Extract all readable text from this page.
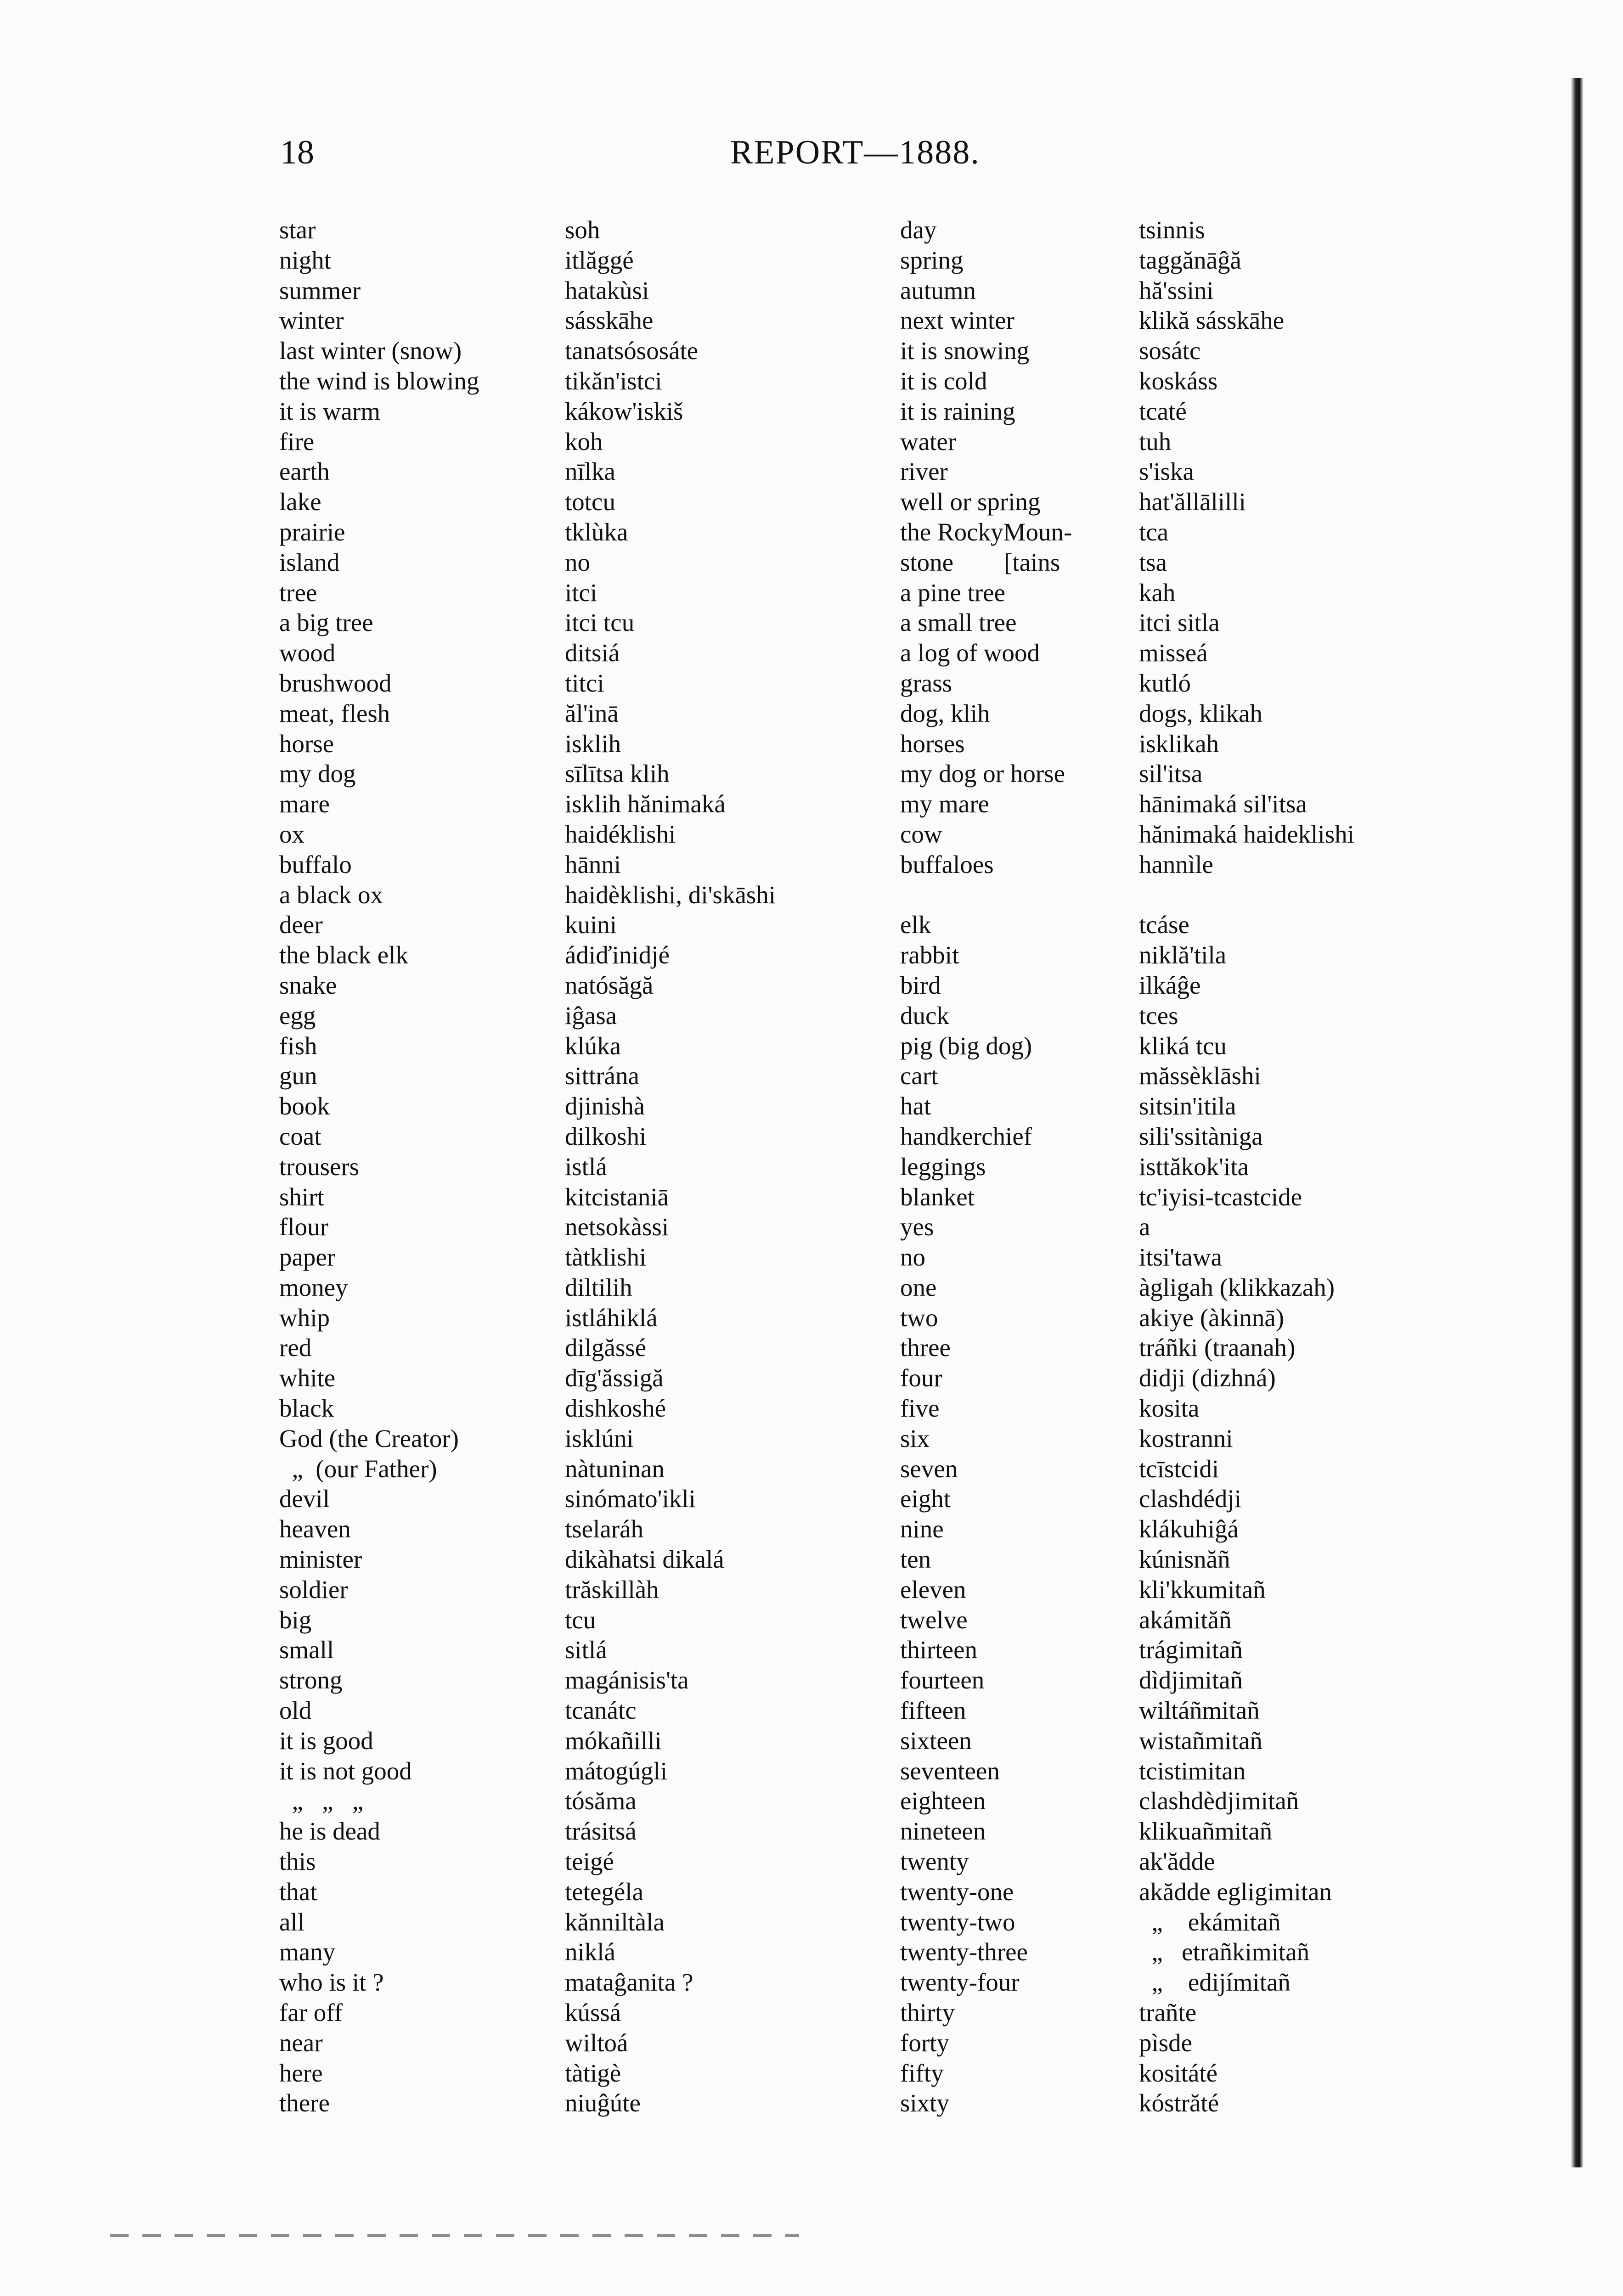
18	REPORT—1888.
star
night
summer
winter
last winter (snow)
the wind is blowing
it is warm
fire
earth
lake
prairie
island
tree
a big tree
wood
brushwood
meat, flesh
horse
my dog
mare
ox
buffalo
a black ox
deer
the black elk
snake
egg
fish
gun
book
coat
trousers
shirt
flour
paper
money
whip
red
white
black
God (the Creator)
„  (our Father)
devil
heaven
minister
soldier
big
small
strong
old
it is good
it is not good
„   „   „
he is dead
this
that
all
many
who is it ?
far off
near
here
there
soh
itlăggé
hatakùsi
sásskāhe
tanatsósosáte
tikăn'istci
kákow'iskiš
koh
nīlka
totcu
tklùka
no
itci
itci tcu
ditsiá
titci
ăl'inā
isklih
sīlītsa klih
isklih hănimaká
haidéklishi
hānni
haidèklishi, di'skāshi
kuini
ádiďinidjé
natósăgă
iĝasa
klúka
sittrána
djinishà
dilkoshi
istlá
kitcistaniā
netsokàssi
tàtklishi
diltilih
istláhiklá
dilgăssé
dīg'ăssigă
dishkoshé
isklúni
nàtuninan
sinómato'ikli
tselaráh
dikàhatsi dikalá
trăskillàh
tcu
sitlá
magánisis'ta
tcanátc
mókañilli
mátogúgli
tósăma
trásitsá
teigé
tetegéla
kănniltàla
niklá
mataĝanita ?
kússá
wiltoá
tàtigè
niuĝúte
day
spring
autumn
next winter
it is snowing
it is cold
it is raining
water
river
well or spring
the RockyMoun-
stone        [tains
a pine tree
a small tree
a log of wood
grass
dog, klih
horses
my dog or horse
my mare
cow
buffaloes
elk
rabbit
bird
duck
pig (big dog)
cart
hat
handkerchief
leggings
blanket
yes
no
one
two
three
four
five
six
seven
eight
nine
ten
eleven
twelve
thirteen
fourteen
fifteen
sixteen
seventeen
eighteen
nineteen
twenty
twenty-one
twenty-two
twenty-three
twenty-four
thirty
forty
fifty
sixty
tsinnis
taggănāĝă
hă'ssini
klikă sásskāhe
sosátc
koskáss
tcaté
tuh
s'iska
hat'ăllālilli
tca
tsa
kah
itci sitla
misseá
kutló
dogs, klikah
isklikah
sil'itsa
hānimaká sil'itsa
hănimaká haideklishi
hannìle
tcáse
niklă'tila
ilkáĝe
tces
kliká tcu
măssèklāshi
sitsin'itila
sili'ssitàniga
isttăkok'ita
tc'iyisi-tcastcide
a
itsi'tawa
àgligah (klikkazah)
akiye (àkinnā)
tráñki (traanah)
didji (dizhná)
kosita
kostranni
tcīstcidi
clashdédji
klákuhiĝá
kúnisnăñ
kli'kkumitañ
akámităñ
trágimitañ
dìdjimitañ
wiltáñmitañ
wistañmitañ
tcistimitan
clashdèdjimitañ
klikuañmitañ
ak'ădde
akădde egligimitan
„    ekámitañ
„   etrañkimitañ
„    edijímitañ
trañte
pìsde
kositáté
kóstrăté
